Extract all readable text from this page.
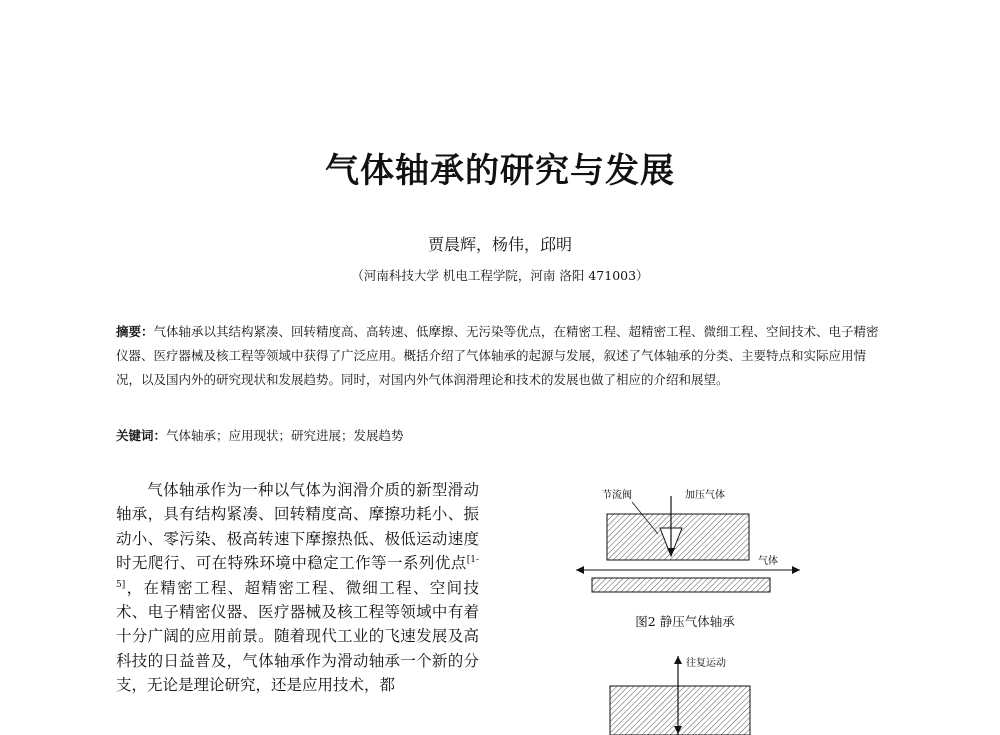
气体轴承的研究与发展
贾晨辉，杨伟，邱明
（河南科技大学 机电工程学院，河南 洛阳 471003）
摘要：气体轴承以其结构紧凑、回转精度高、高转速、低摩擦、无污染等优点，在精密工程、超精密工程、微细工程、空间技术、电子精密仪器、医疗器械及核工程等领域中获得了广泛应用。概括介绍了气体轴承的起源与发展，叙述了气体轴承的分类、主要特点和实际应用情况，以及国内外的研究现状和发展趋势。同时，对国内外气体润滑理论和技术的发展也做了相应的介绍和展望。
关键词：气体轴承；应用现状；研究进展；发展趋势
气体轴承作为一种以气体为润滑介质的新型滑动轴承，具有结构紧凑、回转精度高、摩擦功耗小、振动小、零污染、极高转速下摩擦热低、极低运动速度时无爬行、可在特殊环境中稳定工作等一系列优点[1-5]，在精密工程、超精密工程、微细工程、空间技术、电子精密仪器、医疗器械及核工程等领域中有着十分广阔的应用前景。随着现代工业的飞速发展及高科技的日益普及，气体轴承作为滑动轴承一个新的分支，无论是理论研究，还是应用技术，都
节流阀	加压气体
气体
图2 静压气体轴承
往复运动
